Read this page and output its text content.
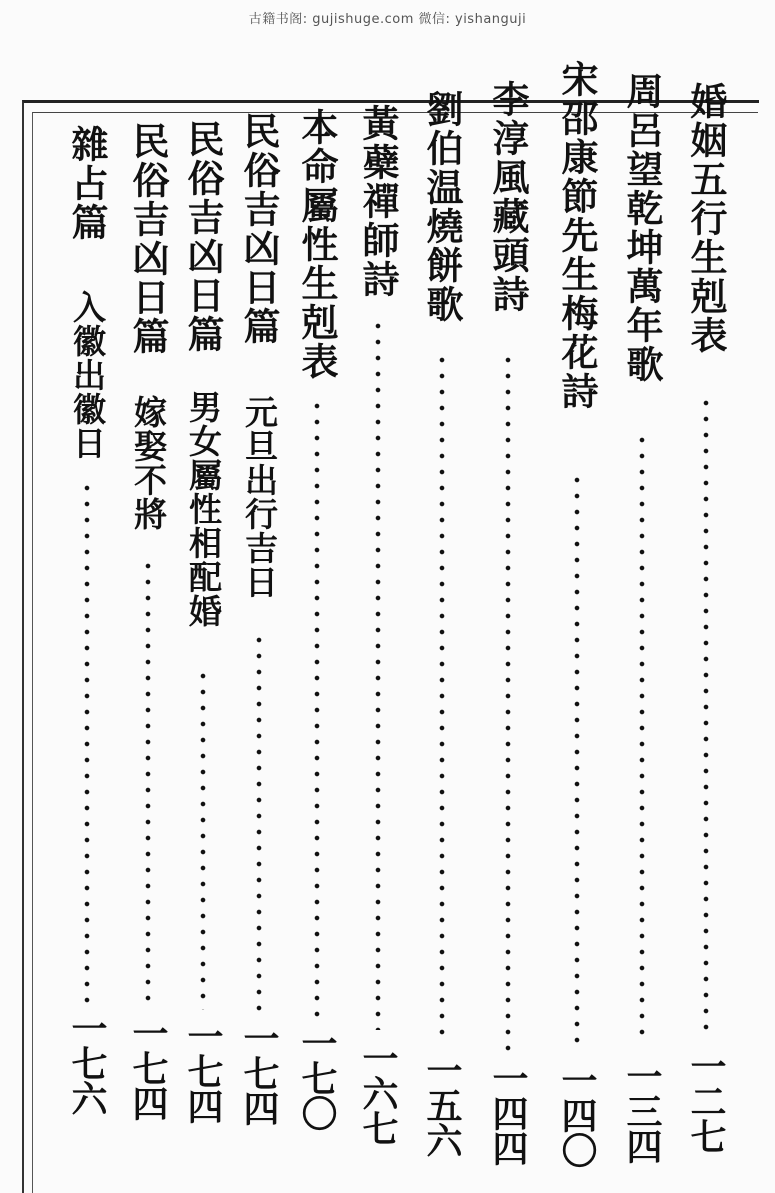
古籍书阁: gujishuge.com 微信: yishanguji
婚姻五行生剋表
一二七
周呂望乾坤萬年歌
一三四
宋邵康節先生梅花詩
一四〇
李淳風藏頭詩
一四四
劉伯温燒餅歌
一五六
黃蘗禪師詩
一六七
本命屬性生剋表
一七〇
民俗吉凶日篇
元旦出行吉日
一七四
民俗吉凶日篇
男女屬性相配婚
一七四
民俗吉凶日篇
嫁娶不將
一七四
雜占篇
入徽出徽日
一七六
